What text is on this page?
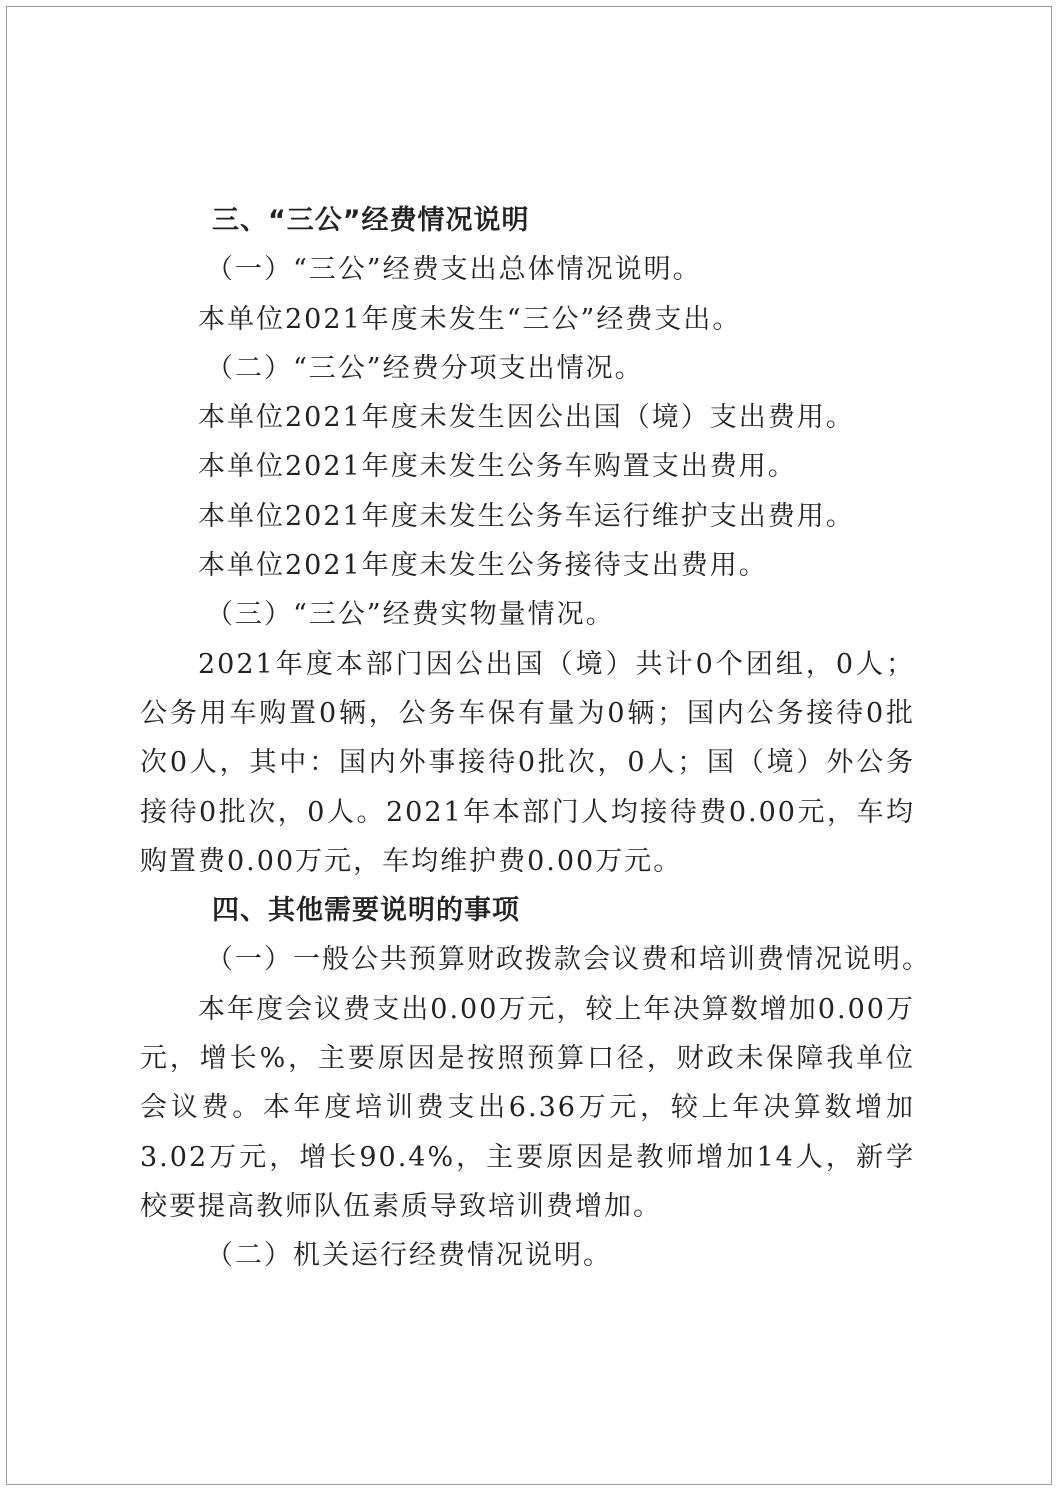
三、“三公”经费情况说明
（一）“三公”经费支出总体情况说明。
本单位2021年度未发生“三公”经费支出。
（二）“三公”经费分项支出情况。
本单位2021年度未发生因公出国（境）支出费用。
本单位2021年度未发生公务车购置支出费用。
本单位2021年度未发生公务车运行维护支出费用。
本单位2021年度未发生公务接待支出费用。
（三）“三公”经费实物量情况。
2021年度本部门因公出国（境）共计0个团组，0人；公务用车购置0辆，公务车保有量为0辆；国内公务接待0批次0人，其中：国内外事接待0批次，0人；国（境）外公务接待0批次，0人。2021年本部门人均接待费0.00元，车均购置费0.00万元，车均维护费0.00万元。
四、其他需要说明的事项
（一）一般公共预算财政拨款会议费和培训费情况说明。
本年度会议费支出0.00万元，较上年决算数增加0.00万元，增长%，主要原因是按照预算口径，财政未保障我单位会议费。本年度培训费支出6.36万元，较上年决算数增加3.02万元，增长90.4%，主要原因是教师增加14人，新学校要提高教师队伍素质导致培训费增加。
（二）机关运行经费情况说明。
